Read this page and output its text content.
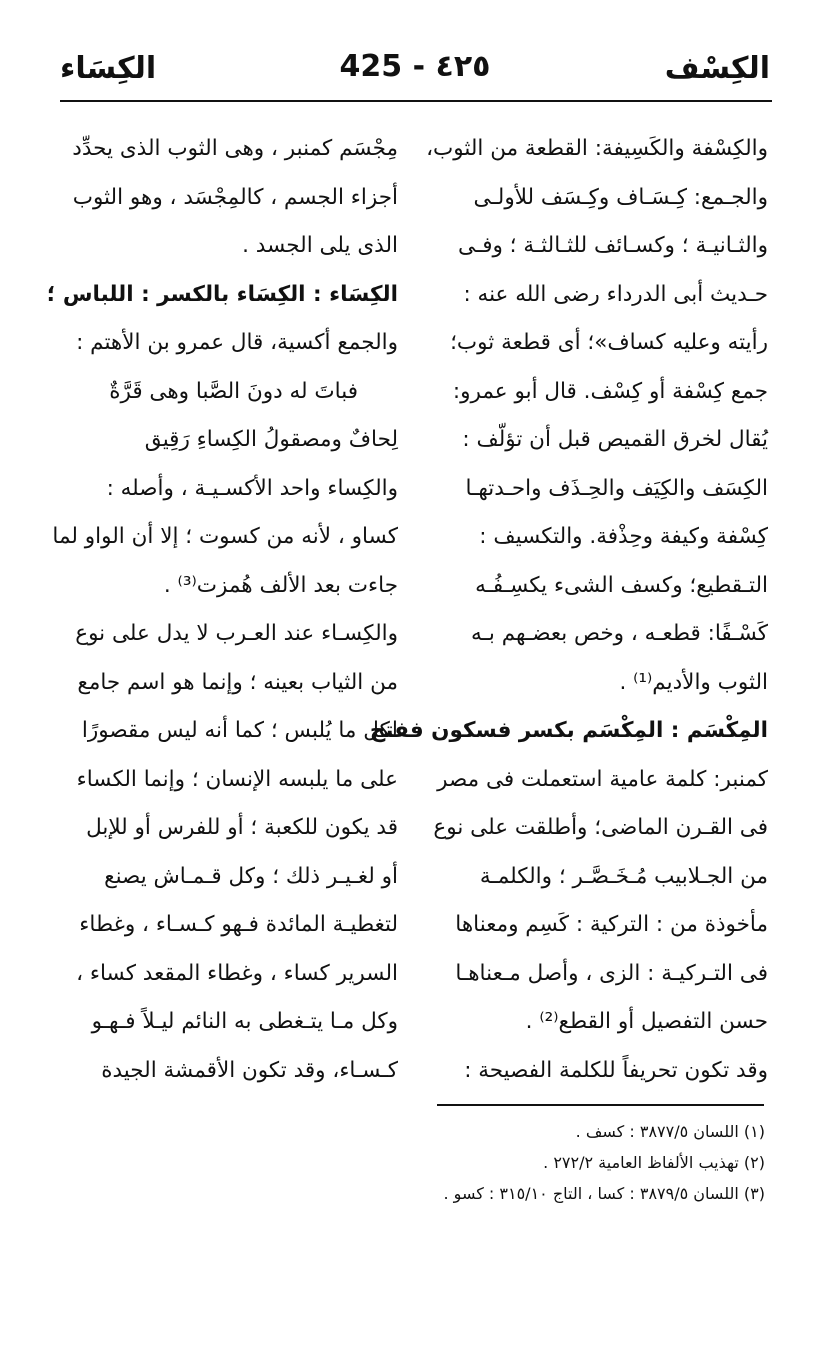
الكِسَاء	425 - ٤٢٥	الكِسْف
والكِسْفة والكَسِيفة: القطعة من الثوب،
والجـمع: كِـسَـاف وكِـسَف للأولـى
والثـانيـة ؛ وكسـائف للثـالثـة ؛ وفـى
حـديث أبى الدرداء رضى الله عنه :
رأيته وعليه كساف»؛ أى قطعة ثوب؛
جمع كِسْفة أو كِسْف. قال أبو عمرو:
يُقال لخرق القميص قبل أن تؤلّف :
الكِسَف والكِيَف والحِـذَف واحـدتهـا
كِسْفة وكيفة وحِذْفة. والتكسيف :
التـقطيع؛ وكسف الشىء يكسِـفُـه
كَسْـفًا: قطعـه ، وخص بعضـهم بـه
الثوب والأديم⁽¹⁾ .
المِكْسَم : المِكْسَم بكسر فسكون ففتح
كمنبر: كلمة عامية استعملت فى مصر
فى القـرن الماضى؛ وأطلقت على نوع
من الجـلابيب مُـخَـصَّـر ؛ والكلمـة
مأخوذة من : التركية : كَسِم ومعناها
فى التـركيـة : الزى ، وأصل مـعناهـا
حسن التفصيل أو القطع⁽²⁾ .
وقد تكون تحريفاً للكلمة الفصيحة :
مِجْسَم كمنبر ، وهى الثوب الذى يحدِّد
أجزاء الجسم ، كالمِجْسَد ، وهو الثوب
الذى يلى الجسد .
الكِسَاء : الكِسَاء بالكسر : اللباس ؛
والجمع أكسية، قال عمرو بن الأهتم :
فباتَ له دونَ الصَّبا وهى قَرَّةٌ
لِحافٌ ومصقولُ الكِساءِ رَقِيق
والكِساء واحد الأكسـيـة ، وأصله :
كساو ، لأنه من كسوت ؛ إلا أن الواو لما
جاءت بعد الألف هُمزت⁽³⁾ .
والكِسـاء عند العـرب لا يدل على نوع
من الثياب بعينه ؛ وإنما هو اسم جامع
لكل ما يُلبس ؛ كما أنه ليس مقصورًا
على ما يلبسه الإنسان ؛ وإنما الكساء
قد يكون للكعبة ؛ أو للفرس أو للإبل
أو لغـيـر ذلك ؛ وكل قـمـاش يصنع
لتغطيـة المائدة فـهو كـسـاء ، وغطاء
السرير كساء ، وغطاء المقعد كساء ،
وكل مـا يتـغطى به النائم ليـلاً فـهـو
كـسـاء، وقد تكون الأقمشة الجيدة
(١) اللسان ٣٨٧٧/٥ : كسف .
(٢) تهذيب الألفاظ العامية ٢٧٢/٢ .
(٣) اللسان ٣٨٧٩/٥ : كسا ، التاج ٣١٥/١٠ : كسو .
